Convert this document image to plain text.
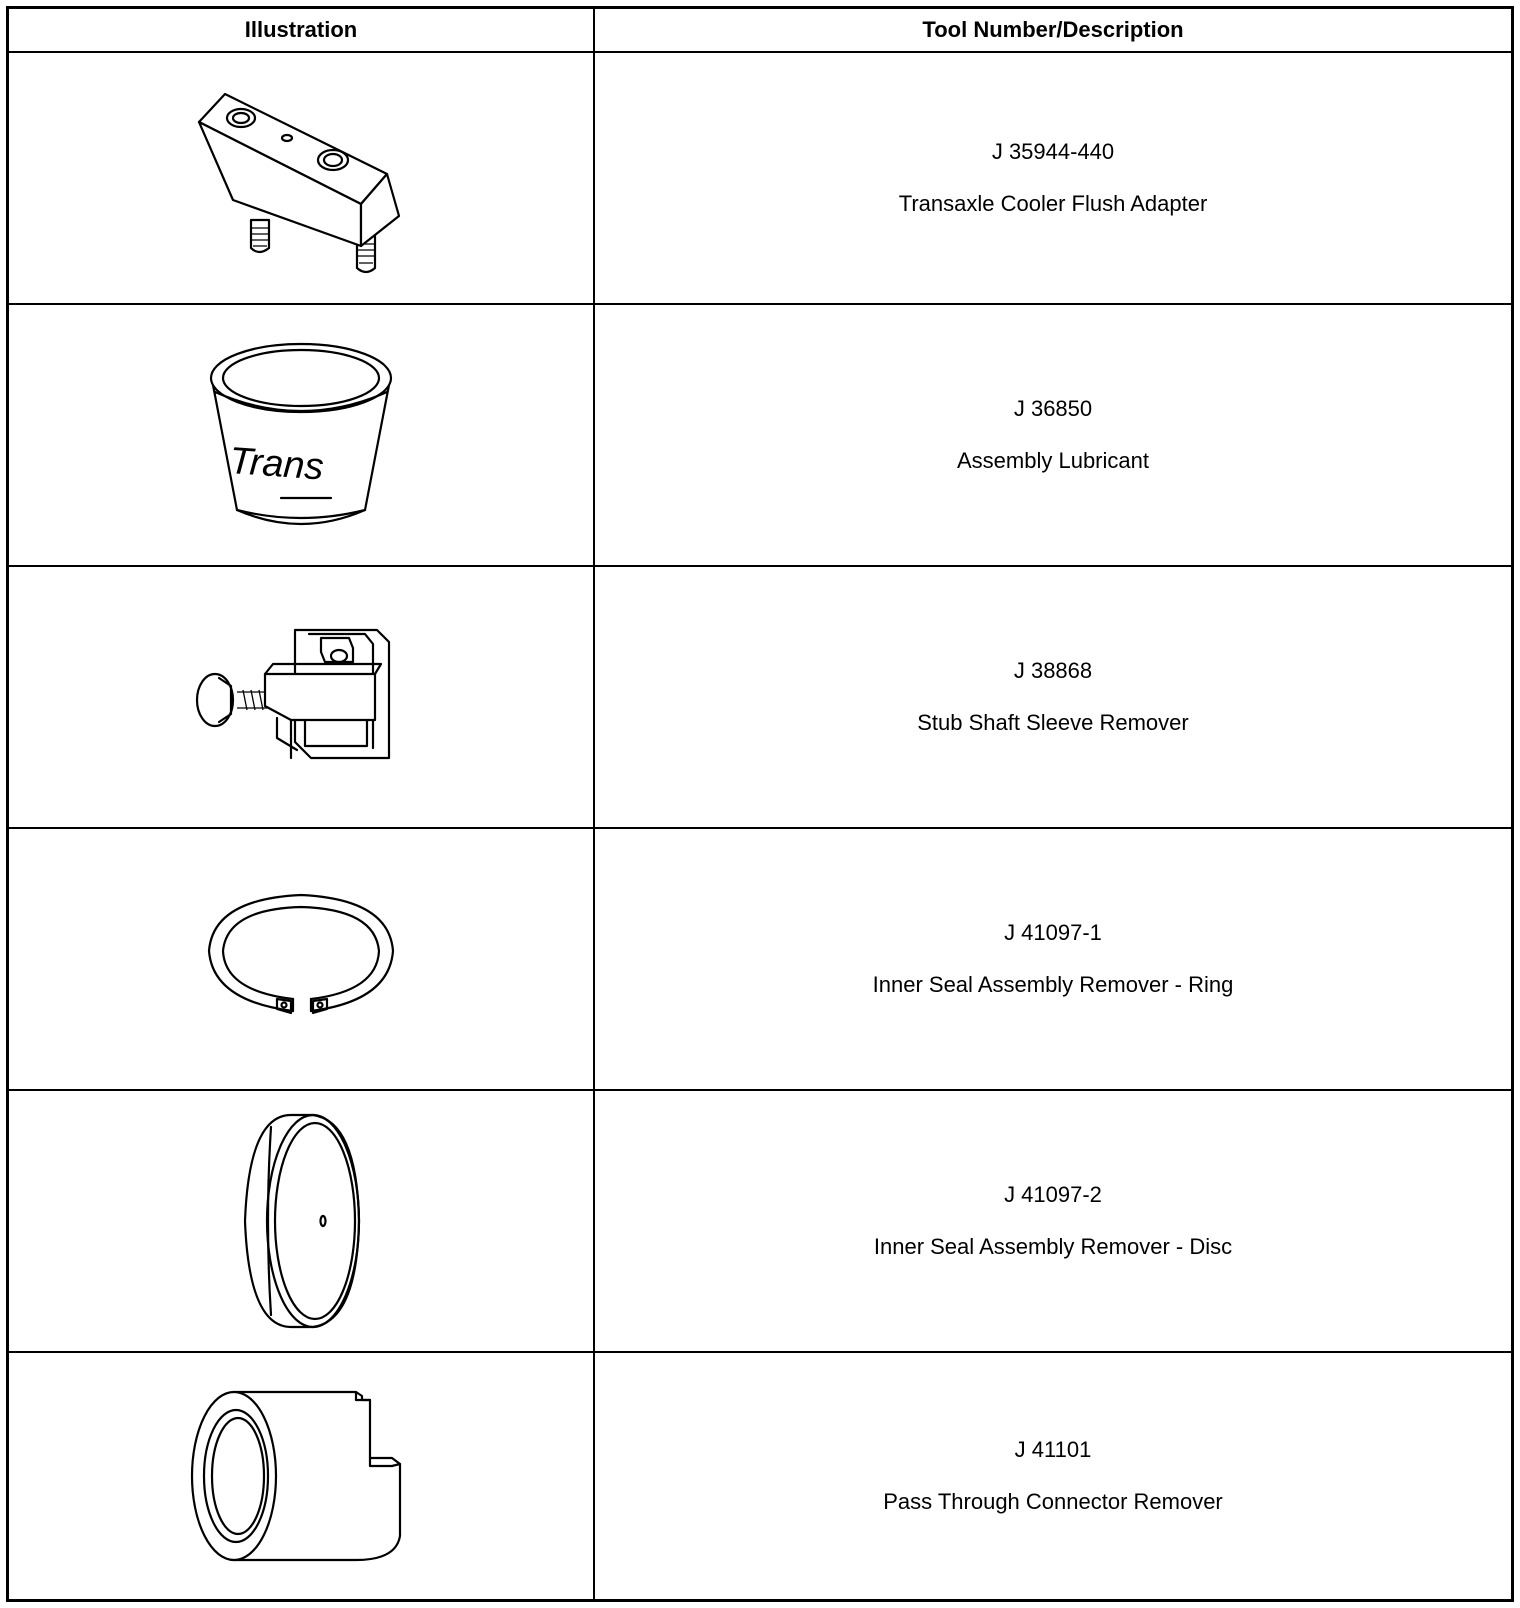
Illustration	Tool Number/Description
J 35944-440
Transaxle Cooler Flush Adapter
Trans
J 36850
Assembly Lubricant
J 38868
Stub Shaft Sleeve Remover
J 41097-1
Inner Seal Assembly Remover - Ring
J 41097-2
Inner Seal Assembly Remover - Disc
J 41101
Pass Through Connector Remover
